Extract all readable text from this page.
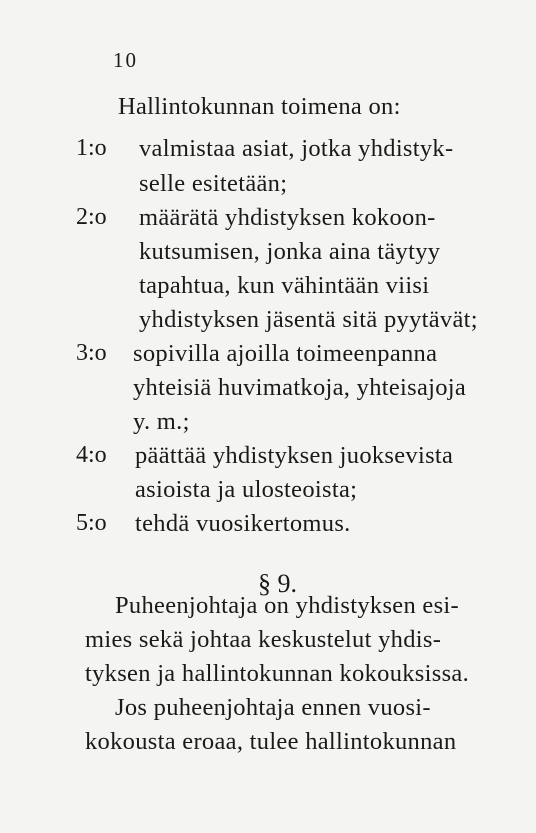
10
Hallintokunnan toimena on:
1:o valmistaa asiat, jotka yhdistyk-
selle esitetään;
2:o määrätä yhdistyksen kokoon-
kutsumisen, jonka aina täytyy
tapahtua, kun vähintään viisi
yhdistyksen jäsentä sitä pyytävät;
3:o sopivilla ajoilla toimeenpanna
yhteisiä huvimatkoja, yhteisajoja
y. m.;
4:o päättää yhdistyksen juoksevista
asioista ja ulosteoista;
5:o tehdä vuosikertomus.
§ 9.
Puheenjohtaja on yhdistyksen esi-
mies sekä johtaa keskustelut yhdis-
tyksen ja hallintokunnan kokouksissa.
Jos puheenjohtaja ennen vuosi-
kokousta eroaa, tulee hallintokunnan
